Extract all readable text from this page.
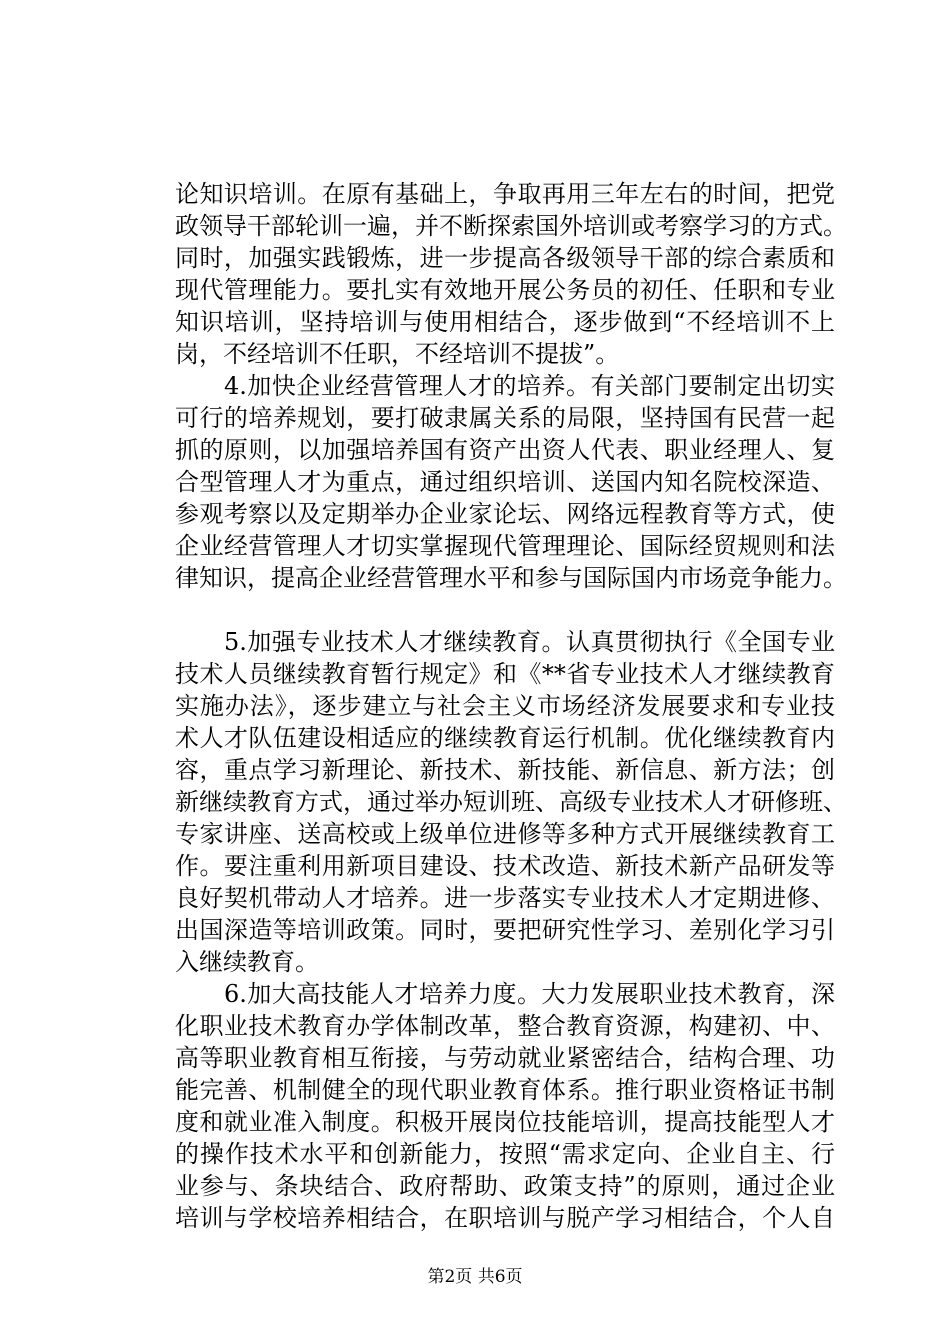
论知识培训。在原有基础上，争取再用三年左右的时间，把党
政领导干部轮训一遍，并不断探索国外培训或考察学习的方式。
同时，加强实践锻炼，进一步提高各级领导干部的综合素质和
现代管理能力。要扎实有效地开展公务员的初任、任职和专业
知识培训，坚持培训与使用相结合，逐步做到“不经培训不上
岗，不经培训不任职，不经培训不提拔”。
　　4.加快企业经营管理人才的培养。有关部门要制定出切实
可行的培养规划，要打破隶属关系的局限，坚持国有民营一起
抓的原则，以加强培养国有资产出资人代表、职业经理人、复
合型管理人才为重点，通过组织培训、送国内知名院校深造、
参观考察以及定期举办企业家论坛、网络远程教育等方式，使
企业经营管理人才切实掌握现代管理理论、国际经贸规则和法
律知识，提高企业经营管理水平和参与国际国内市场竞争能力。
　　5.加强专业技术人才继续教育。认真贯彻执行《全国专业
技术人员继续教育暂行规定》和《**省专业技术人才继续教育
实施办法》，逐步建立与社会主义市场经济发展要求和专业技
术人才队伍建设相适应的继续教育运行机制。优化继续教育内
容，重点学习新理论、新技术、新技能、新信息、新方法；创
新继续教育方式，通过举办短训班、高级专业技术人才研修班、
专家讲座、送高校或上级单位进修等多种方式开展继续教育工
作。要注重利用新项目建设、技术改造、新技术新产品研发等
良好契机带动人才培养。进一步落实专业技术人才定期进修、
出国深造等培训政策。同时，要把研究性学习、差别化学习引
入继续教育。
　　6.加大高技能人才培养力度。大力发展职业技术教育，深
化职业技术教育办学体制改革，整合教育资源，构建初、中、
高等职业教育相互衔接，与劳动就业紧密结合，结构合理、功
能完善、机制健全的现代职业教育体系。推行职业资格证书制
度和就业准入制度。积极开展岗位技能培训，提高技能型人才
的操作技术水平和创新能力，按照“需求定向、企业自主、行
业参与、条块结合、政府帮助、政策支持”的原则，通过企业
培训与学校培养相结合，在职培训与脱产学习相结合，个人自
第2页 共6页
